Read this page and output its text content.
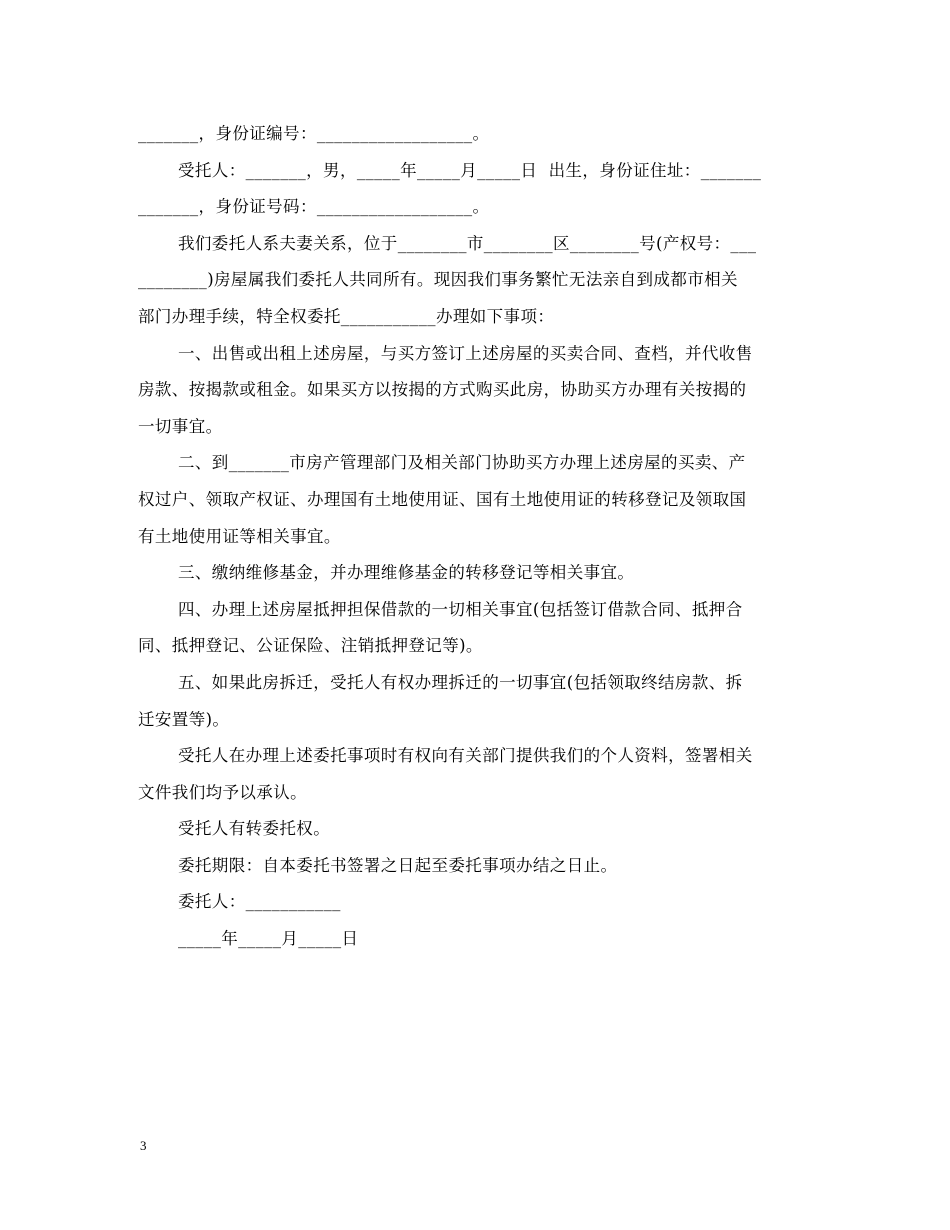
_______，身份证编号：__________________。
受托人：_______，男，_____年_____月_____日  出生，身份证住址：_______
_______，身份证号码：__________________。
我们委托人系夫妻关系，位于________市________区________号(产权号：___
________)房屋属我们委托人共同所有。现因我们事务繁忙无法亲自到成都市相关
部门办理手续，特全权委托___________办理如下事项：
一、出售或出租上述房屋，与买方签订上述房屋的买卖合同、查档，并代收售
房款、按揭款或租金。如果买方以按揭的方式购买此房，协助买方办理有关按揭的
一切事宜。
二、到_______市房产管理部门及相关部门协助买方办理上述房屋的买卖、产
权过户、领取产权证、办理国有土地使用证、国有土地使用证的转移登记及领取国
有土地使用证等相关事宜。
三、缴纳维修基金，并办理维修基金的转移登记等相关事宜。
四、办理上述房屋抵押担保借款的一切相关事宜(包括签订借款合同、抵押合
同、抵押登记、公证保险、注销抵押登记等)。
五、如果此房拆迁，受托人有权办理拆迁的一切事宜(包括领取终结房款、拆
迁安置等)。
受托人在办理上述委托事项时有权向有关部门提供我们的个人资料，签署相关
文件我们均予以承认。
受托人有转委托权。
委托期限：自本委托书签署之日起至委托事项办结之日止。
委托人：___________
_____年_____月_____日
3
